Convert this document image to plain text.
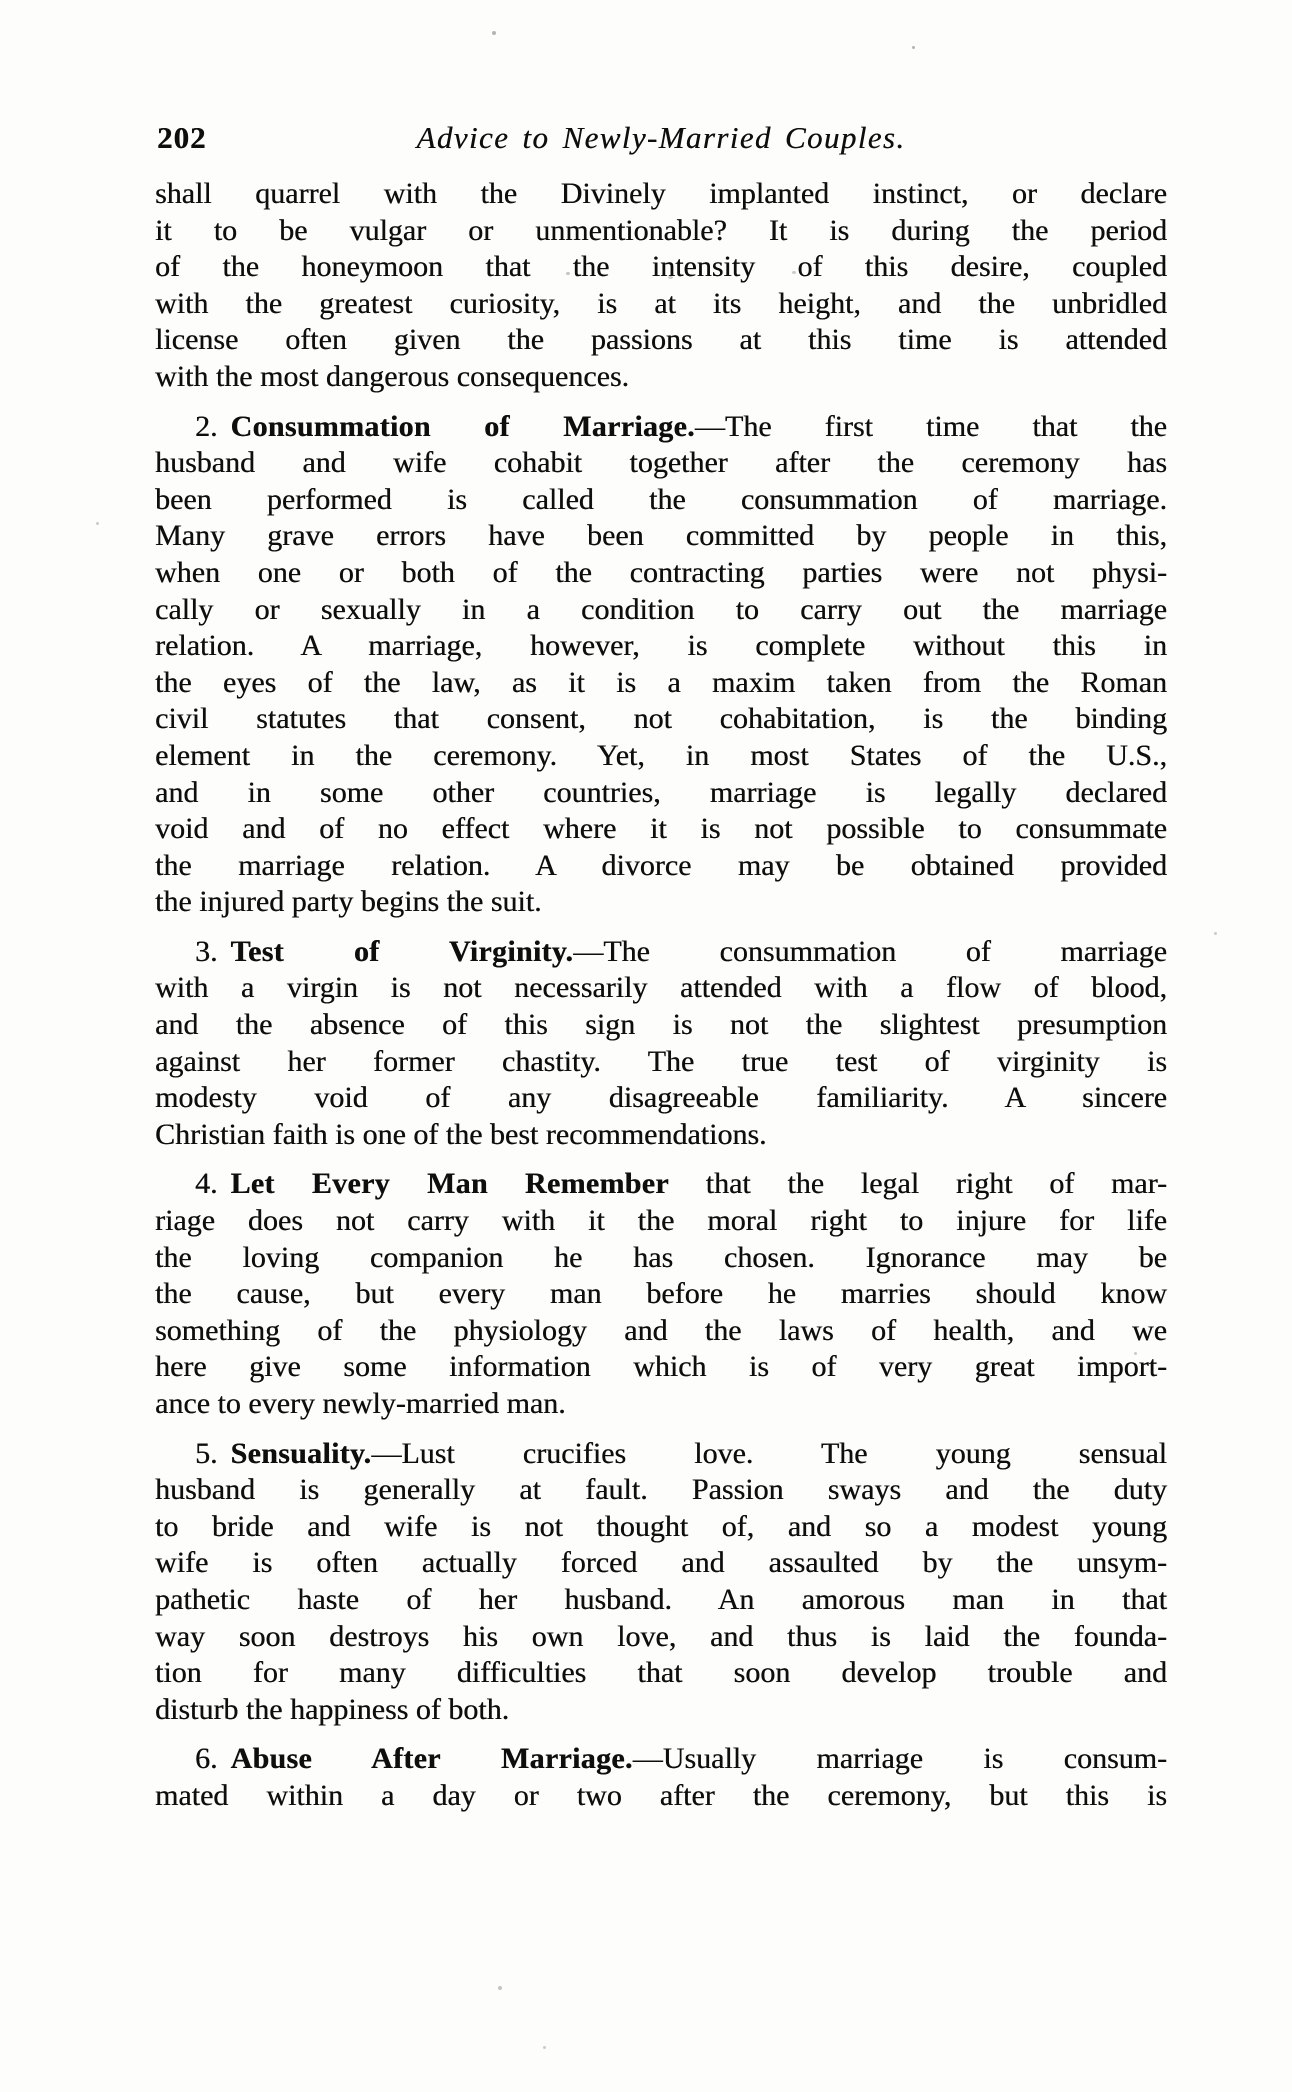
202	Advice to Newly-Married Couples.
shall quarrel with the Divinely implanted instinct, or declare
it to be vulgar or unmentionable? It is during the period
of the honeymoon that the intensity of this desire, coupled
with the greatest curiosity, is at its height, and the unbridled
license often given the passions at this time is attended
with the most dangerous consequences.
2. Consummation of Marriage.—The first time that the
husband and wife cohabit together after the ceremony has
been performed is called the consummation of marriage.
Many grave errors have been committed by people in this,
when one or both of the contracting parties were not physi-
cally or sexually in a condition to carry out the marriage
relation. A marriage, however, is complete without this in
the eyes of the law, as it is a maxim taken from the Roman
civil statutes that consent, not cohabitation, is the binding
element in the ceremony. Yet, in most States of the U.S.,
and in some other countries, marriage is legally declared
void and of no effect where it is not possible to consummate
the marriage relation. A divorce may be obtained provided
the injured party begins the suit.
3. Test of Virginity.—The consummation of marriage
with a virgin is not necessarily attended with a flow of blood,
and the absence of this sign is not the slightest presumption
against her former chastity. The true test of virginity is
modesty void of any disagreeable familiarity. A sincere
Christian faith is one of the best recommendations.
4. Let Every Man Remember that the legal right of mar-
riage does not carry with it the moral right to injure for life
the loving companion he has chosen. Ignorance may be
the cause, but every man before he marries should know
something of the physiology and the laws of health, and we
here give some information which is of very great import-
ance to every newly-married man.
5. Sensuality.—Lust crucifies love. The young sensual
husband is generally at fault. Passion sways and the duty
to bride and wife is not thought of, and so a modest young
wife is often actually forced and assaulted by the unsym-
pathetic haste of her husband. An amorous man in that
way soon destroys his own love, and thus is laid the founda-
tion for many difficulties that soon develop trouble and
disturb the happiness of both.
6. Abuse After Marriage.—Usually marriage is consum-
mated within a day or two after the ceremony, but this is
